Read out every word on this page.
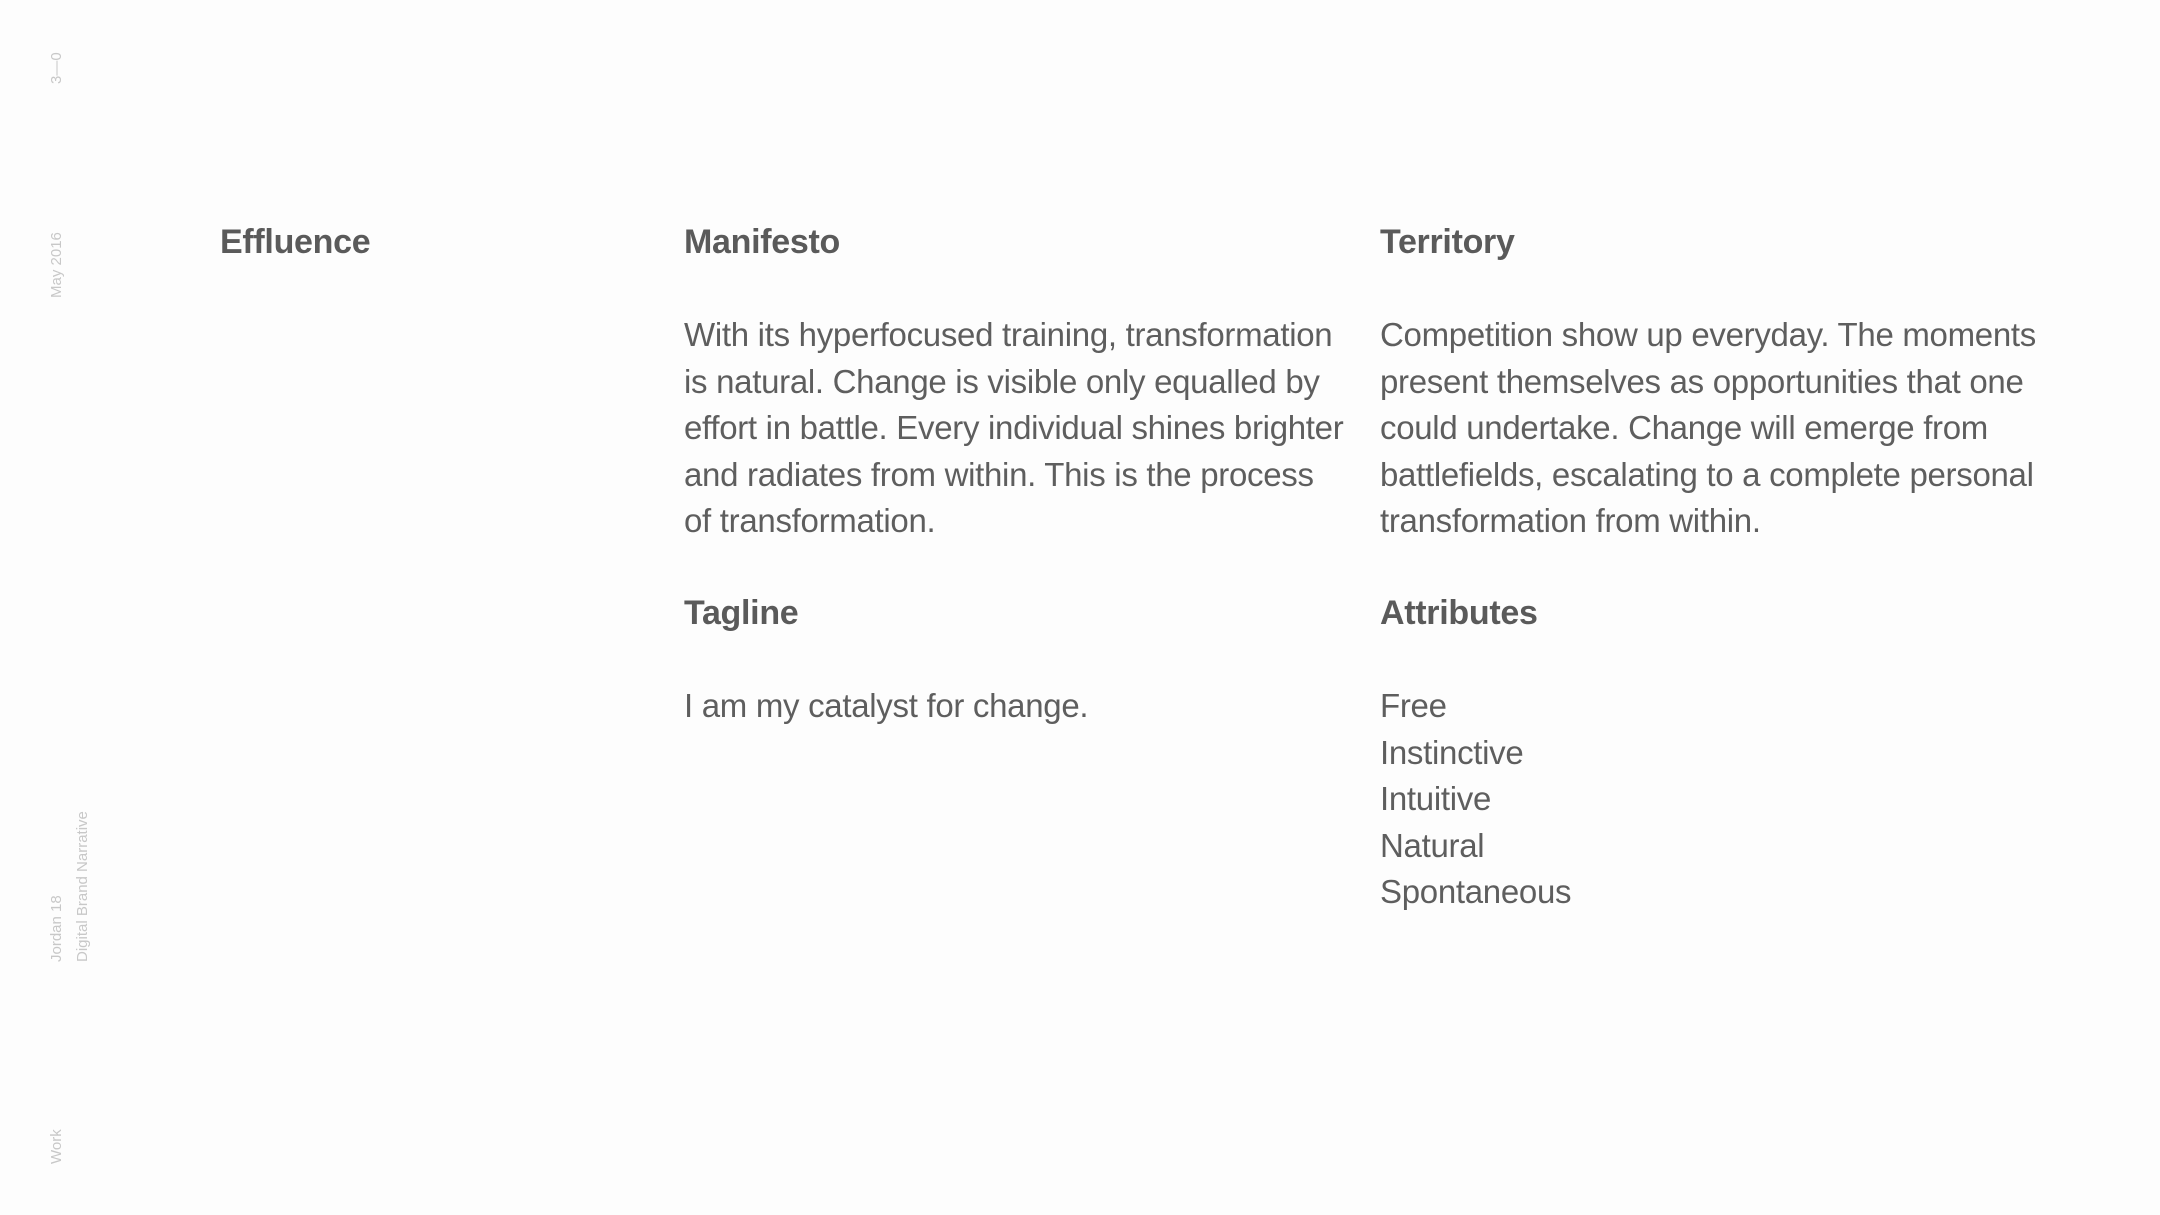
3—0
May 2016
Jordan 18 Digital Brand Narrative
Work
Effluence	Manifesto

With its hyperfocused training, transformation
is natural. Change is visible only equalled by
effort in battle. Every individual shines brighter
and radiates from within. This is the process
of transformation.

Tagline

I am my catalyst for change.

Territory

Competition show up everyday. The moments
present themselves as opportunities that one
could undertake. Change will emerge from
battlefields, escalating to a complete personal
transformation from within.

Attributes
Free
Instinctive
Intuitive
Natural
Spontaneous
